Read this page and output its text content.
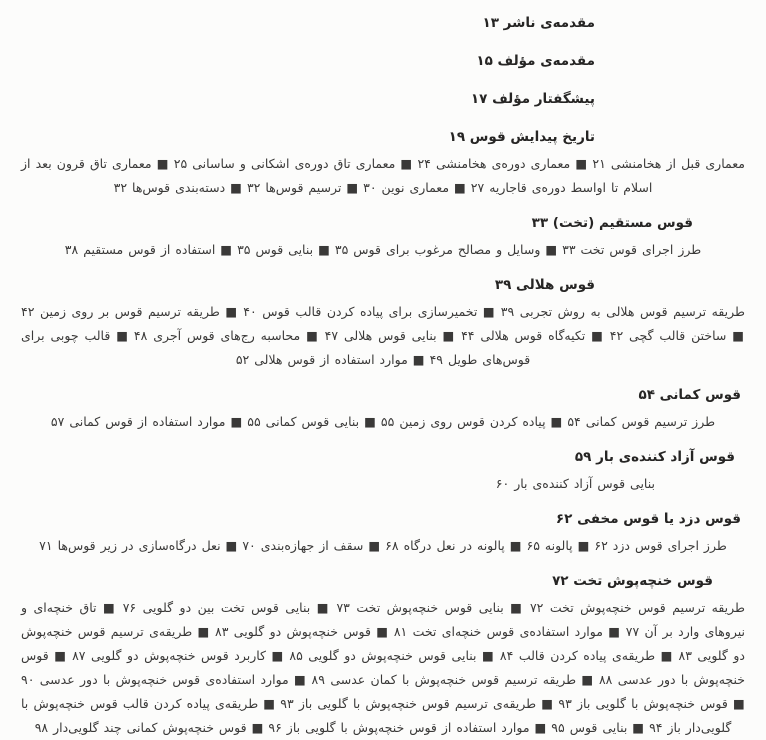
مقدمه‌ی ناشر ۱۳
مقدمه‌ی مؤلف ۱۵
پیشگفتار مؤلف ۱۷
تاریخ پیدایش قوس ۱۹

معماری قبل از هخامنشی ۲۱ ■ معماری دوره‌ی هخامنشی ۲۴ ■ معماری تاق دوره‌ی اشکانی و ساسانی ۲۵ ■ معماری تاق قرون بعد از اسلام تا اواسط دوره‌ی قاجاریه ۲۷ ■ معماری نوین ۳۰ ■ ترسیم قوس‌ها ۳۲ ■ دسته‌بندی قوس‌ها ۳۲

قوس مستقیم (تخت) ۳۳

طرز اجرای قوس تخت ۳۳ ■ وسایل و مصالح مرغوب برای قوس ۳۵ ■ بنایی قوس ۳۵ ■ استفاده از قوس مستقیم ۳۸

قوس هلالی ۳۹

طریقه ترسیم قوس هلالی به روش تجربی ۳۹ ■ تخمیرسازی برای پیاده کردن قالب قوس ۴۰ ■ طریقه ترسیم قوس بر روی زمین ۴۲ ■ ساختن قالب گچی ۴۲ ■ تکیه‌گاه قوس هلالی ۴۴ ■ بنایی قوس هلالی ۴۷ ■ محاسبه رج‌های قوس آجری ۴۸ ■ قالب چوبی برای قوس‌های طویل ۴۹ ■ موارد استفاده از قوس هلالی ۵۲

قوس کمانی ۵۴

طرز ترسیم قوس کمانی ۵۴ ■ پیاده کردن قوس روی زمین ۵۵ ■ بنایی قوس کمانی ۵۵ ■ موارد استفاده از قوس کمانی ۵۷

قوس آزاد کننده‌ی بار ۵۹

بنایی قوس آزاد کننده‌ی بار ۶۰

قوس دزد یا قوس مخفی ۶۲

طرز اجرای قوس دزد ۶۲ ■ پالونه ۶۵ ■ پالونه در نعل درگاه ۶۸ ■ سقف از جهازه‌بندی ۷۰ ■ نعل درگاه‌سازی در زیر قوس‌ها ۷۱

قوس خنچه‌پوش تخت ۷۲

طریقه ترسیم قوس خنچه‌پوش تخت ۷۲ ■ بنایی قوس خنچه‌پوش تخت ۷۳ ■ بنایی قوس تخت بین دو گلویی ۷۶ ■ تاق خنچه‌ای و نیروهای وارد بر آن ۷۷ ■ موارد استفاده‌ی قوس خنچه‌ای تخت ۸۱ ■ قوس خنچه‌پوش دو گلویی ۸۳ ■ طریقه‌ی ترسیم قوس خنچه‌پوش دو گلویی ۸۳ ■ طریقه‌ی پیاده کردن قالب ۸۴ ■ بنایی قوس خنچه‌پوش دو گلویی ۸۵ ■ کاربرد قوس خنچه‌پوش دو گلویی ۸۷ ■ قوس خنچه‌پوش با دور عدسی ۸۸ ■ طریقه ترسیم قوس خنچه‌پوش با کمان عدسی ۸۹ ■ موارد استفاده‌ی قوس خنچه‌پوش با دور عدسی ۹۰ ■ قوس خنچه‌پوش با گلویی باز ۹۳ ■ طریقه‌ی ترسیم قوس خنچه‌پوش با گلویی باز ۹۳ ■ طریقه‌ی پیاده کردن قالب قوس خنچه‌پوش با گلویی‌دار باز ۹۴ ■ بنایی قوس ۹۵ ■ موارد استفاده از قوس خنچه‌پوش با گلویی باز ۹۶ ■ قوس خنچه‌پوش کمانی چند گلویی‌دار ۹۸
